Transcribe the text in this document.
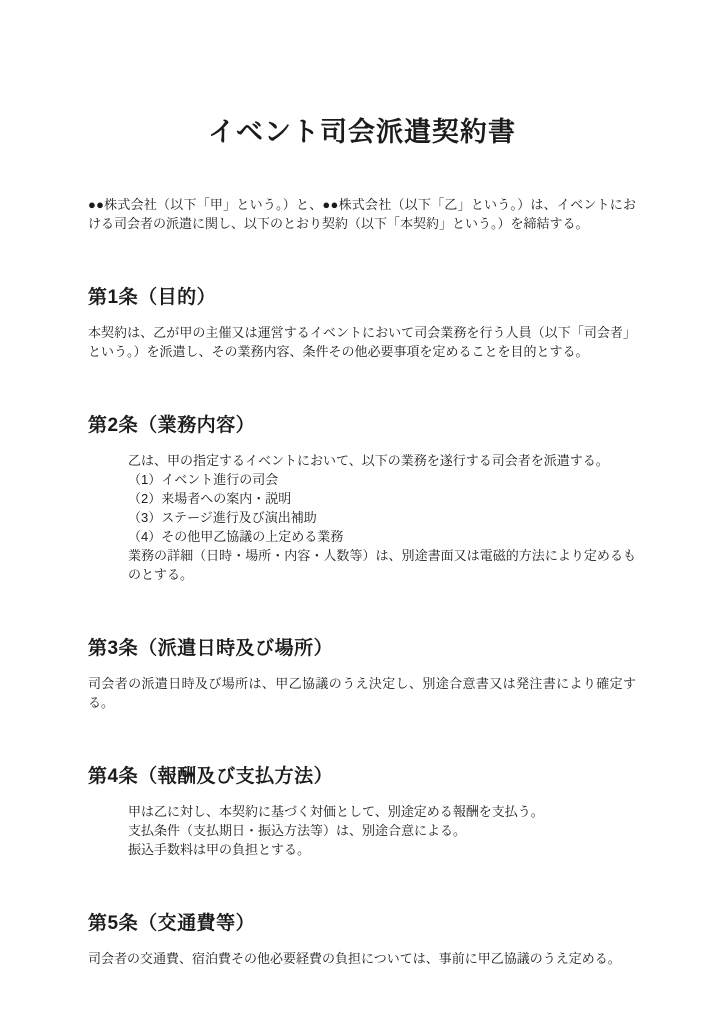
イベント司会派遣契約書

●●株式会社（以下「甲」という。）と、●●株式会社（以下「乙」という。）は、イベントにおける司会者の派遣に関し、以下のとおり契約（以下「本契約」という。）を締結する。

第1条（目的）

本契約は、乙が甲の主催又は運営するイベントにおいて司会業務を行う人員（以下「司会者」という。）を派遣し、その業務内容、条件その他必要事項を定めることを目的とする。

第2条（業務内容）

乙は、甲の指定するイベントにおいて、以下の業務を遂行する司会者を派遣する。

（1）イベント進行の司会

（2）来場者への案内・説明

（3）ステージ進行及び演出補助

（4）その他甲乙協議の上定める業務

業務の詳細（日時・場所・内容・人数等）は、別途書面又は電磁的方法により定めるものとする。

第3条（派遣日時及び場所）

司会者の派遣日時及び場所は、甲乙協議のうえ決定し、別途合意書又は発注書により確定する。

第4条（報酬及び支払方法）

甲は乙に対し、本契約に基づく対価として、別途定める報酬を支払う。

支払条件（支払期日・振込方法等）は、別途合意による。

振込手数料は甲の負担とする。

第5条（交通費等）

司会者の交通費、宿泊費その他必要経費の負担については、事前に甲乙協議のうえ定める。
